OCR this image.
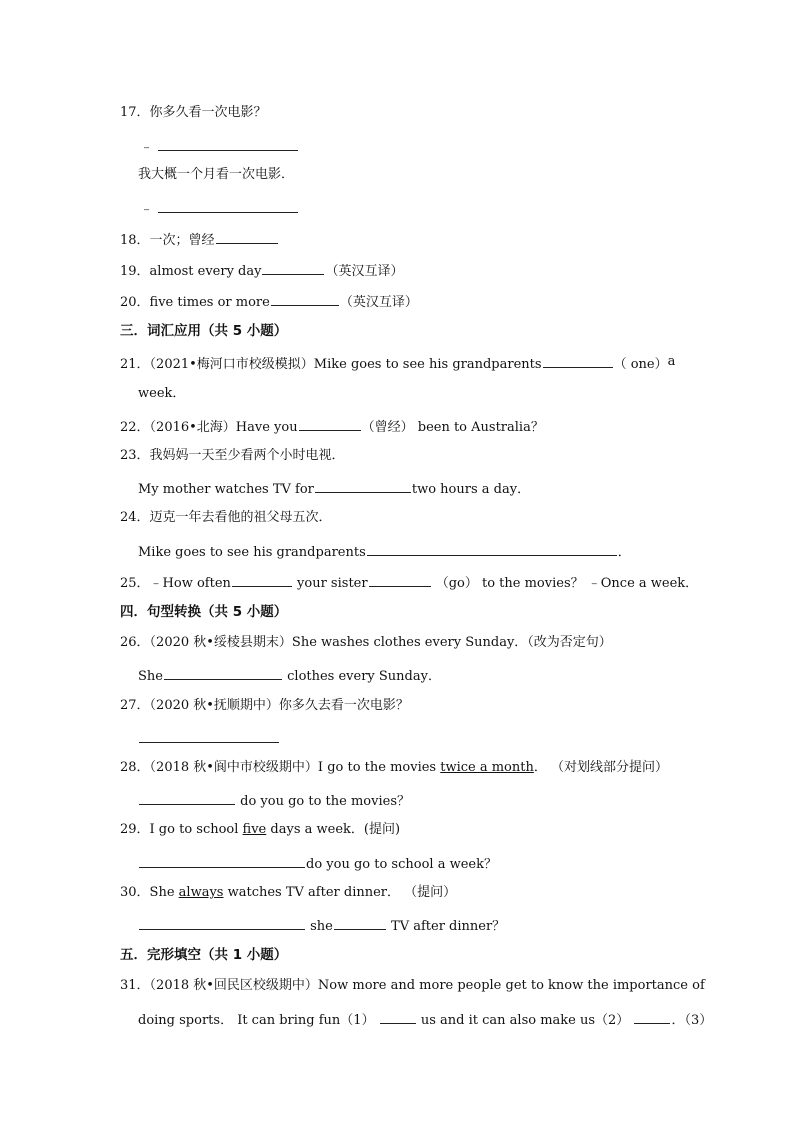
17．你多久看一次电影？
﹣
我大概一个月看一次电影．
﹣
18．一次；曾经
19．almost every day	（英汉互译）
20．five times or more	（英汉互译）
三．词汇应用（共 5 小题）
21．（2021•梅河口市校级模拟）Mike goes to see his grandparents	（ one） a
week．
22．（2016•北海）Have you	（曾经） been to Australia？
23．我妈妈一天至少看两个小时电视．
My mother watches TV for	two hours a day．
24．迈克一年去看他的祖父母五次．
Mike goes to see his grandparents	．
25．﹣How often	your sister	（go） to the movies？ ﹣Once a week．
四．句型转换（共 5 小题）
26．（2020 秋•绥棱县期末）She washes clothes every Sunday．（改为否定句）
She	clothes every Sunday．
27．（2020 秋•抚顺期中）你多久去看一次电影？
28．（2018 秋•阆中市校级期中）I go to the movies twice a month． （对划线部分提问）
do you go to the movies？
29．I go to school five days a week．(提问)
do you go to school a week？
30．She always watches TV after dinner． （提问）
she	TV after dinner？
五．完形填空（共 1 小题）
31．（2018 秋•回民区校级期中）Now more and more people get to know the importance of
doing sports． It can bring fun（1）	us and it can also make us（2）	．（3）
